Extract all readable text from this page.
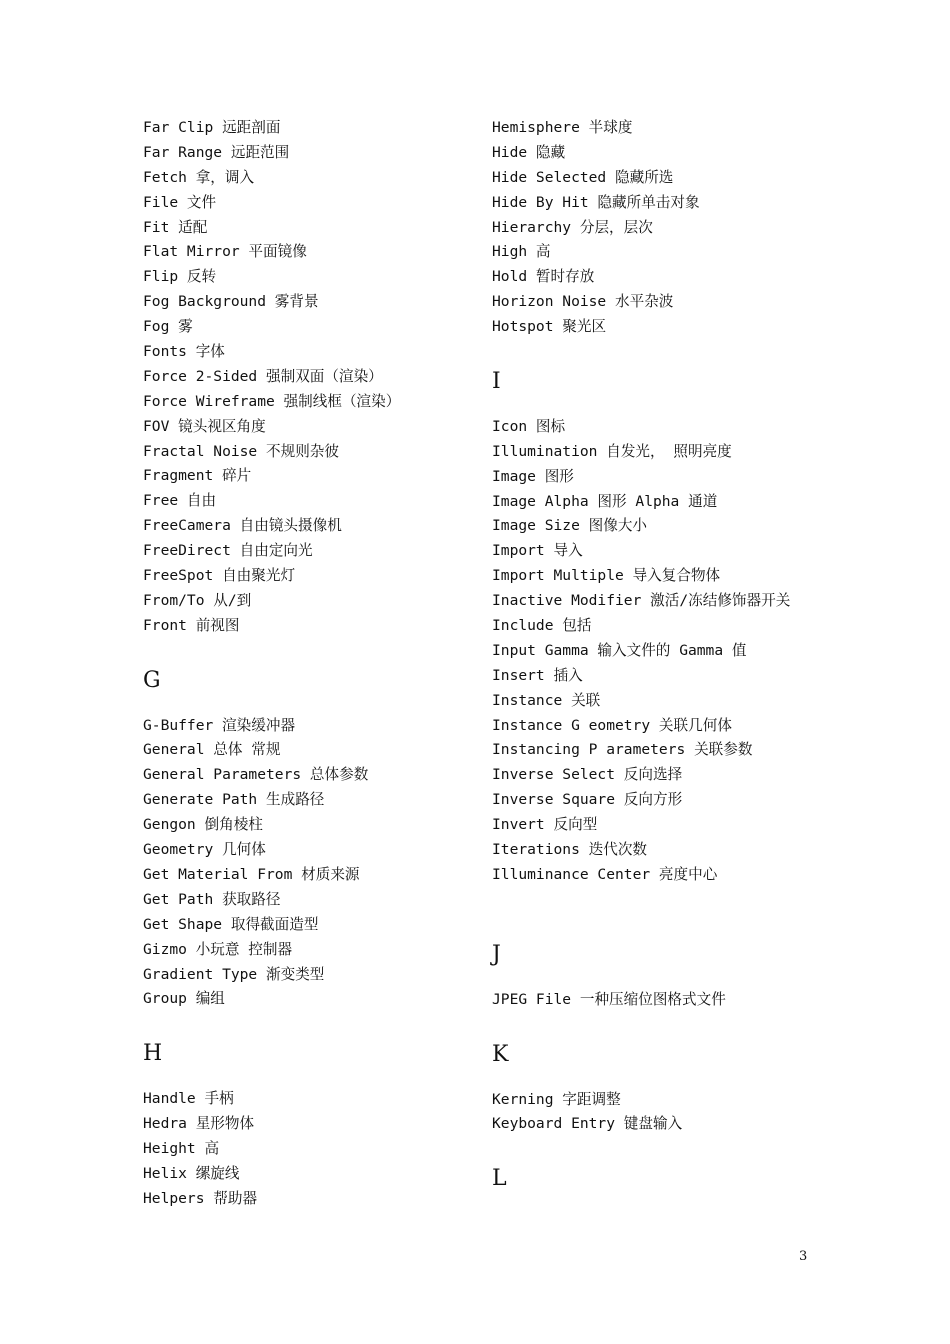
Far Clip 远距剖面
Far Range 远距范围
Fetch 拿，调入
File 文件
Fit 适配
Flat Mirror 平面镜像
Flip 反转
Fog Background 雾背景
Fog 雾
Fonts 字体
Force 2-Sided 强制双面（渲染）
Force Wireframe 强制线框（渲染）
FOV 镜头视区角度
Fractal Noise 不规则杂彼
Fragment 碎片
Free 自由
FreeCamera 自由镜头摄像机
FreeDirect 自由定向光
FreeSpot 自由聚光灯
From/To 从/到
Front 前视图
G
G-Buffer 渲染缓冲器
General 总体 常规
General Parameters 总体参数
Generate Path 生成路径
Gengon 倒角棱柱
Geometry 几何体
Get Material From 材质来源
Get Path 获取路径
Get Shape 取得截面造型
Gizmo 小玩意 控制器
Gradient Type 渐变类型
Group 编组
H
Handle 手柄
Hedra 星形物体
Height 高
Helix 缧旋线
Helpers 帮助器
Hemisphere 半球度
Hide 隐藏
Hide Selected 隐藏所选
Hide By Hit 隐藏所单击对象
Hierarchy 分层，层次
High 高
Hold 暂时存放
Horizon Noise 水平杂波
Hotspot 聚光区
I
Icon 图标
Illumination 自发光， 照明亮度
Image 图形
Image Alpha 图形 Alpha 通道
Image Size 图像大小
Import 导入
Import Multiple 导入复合物体
Inactive Modifier 激活/冻结修饰器开关
Include 包括
Input Gamma 输入文件的 Gamma 值
Insert 插入
Instance 关联
Instance G eometry 关联几何体
Instancing P arameters 关联参数
Inverse Select 反向选择
Inverse Square 反向方形
Invert 反向型
Iterations 迭代次数
Illuminance Center 亮度中心
J
JPEG File 一种压缩位图格式文件
K
Kerning 字距调整
Keyboard Entry 键盘输入
L
3
